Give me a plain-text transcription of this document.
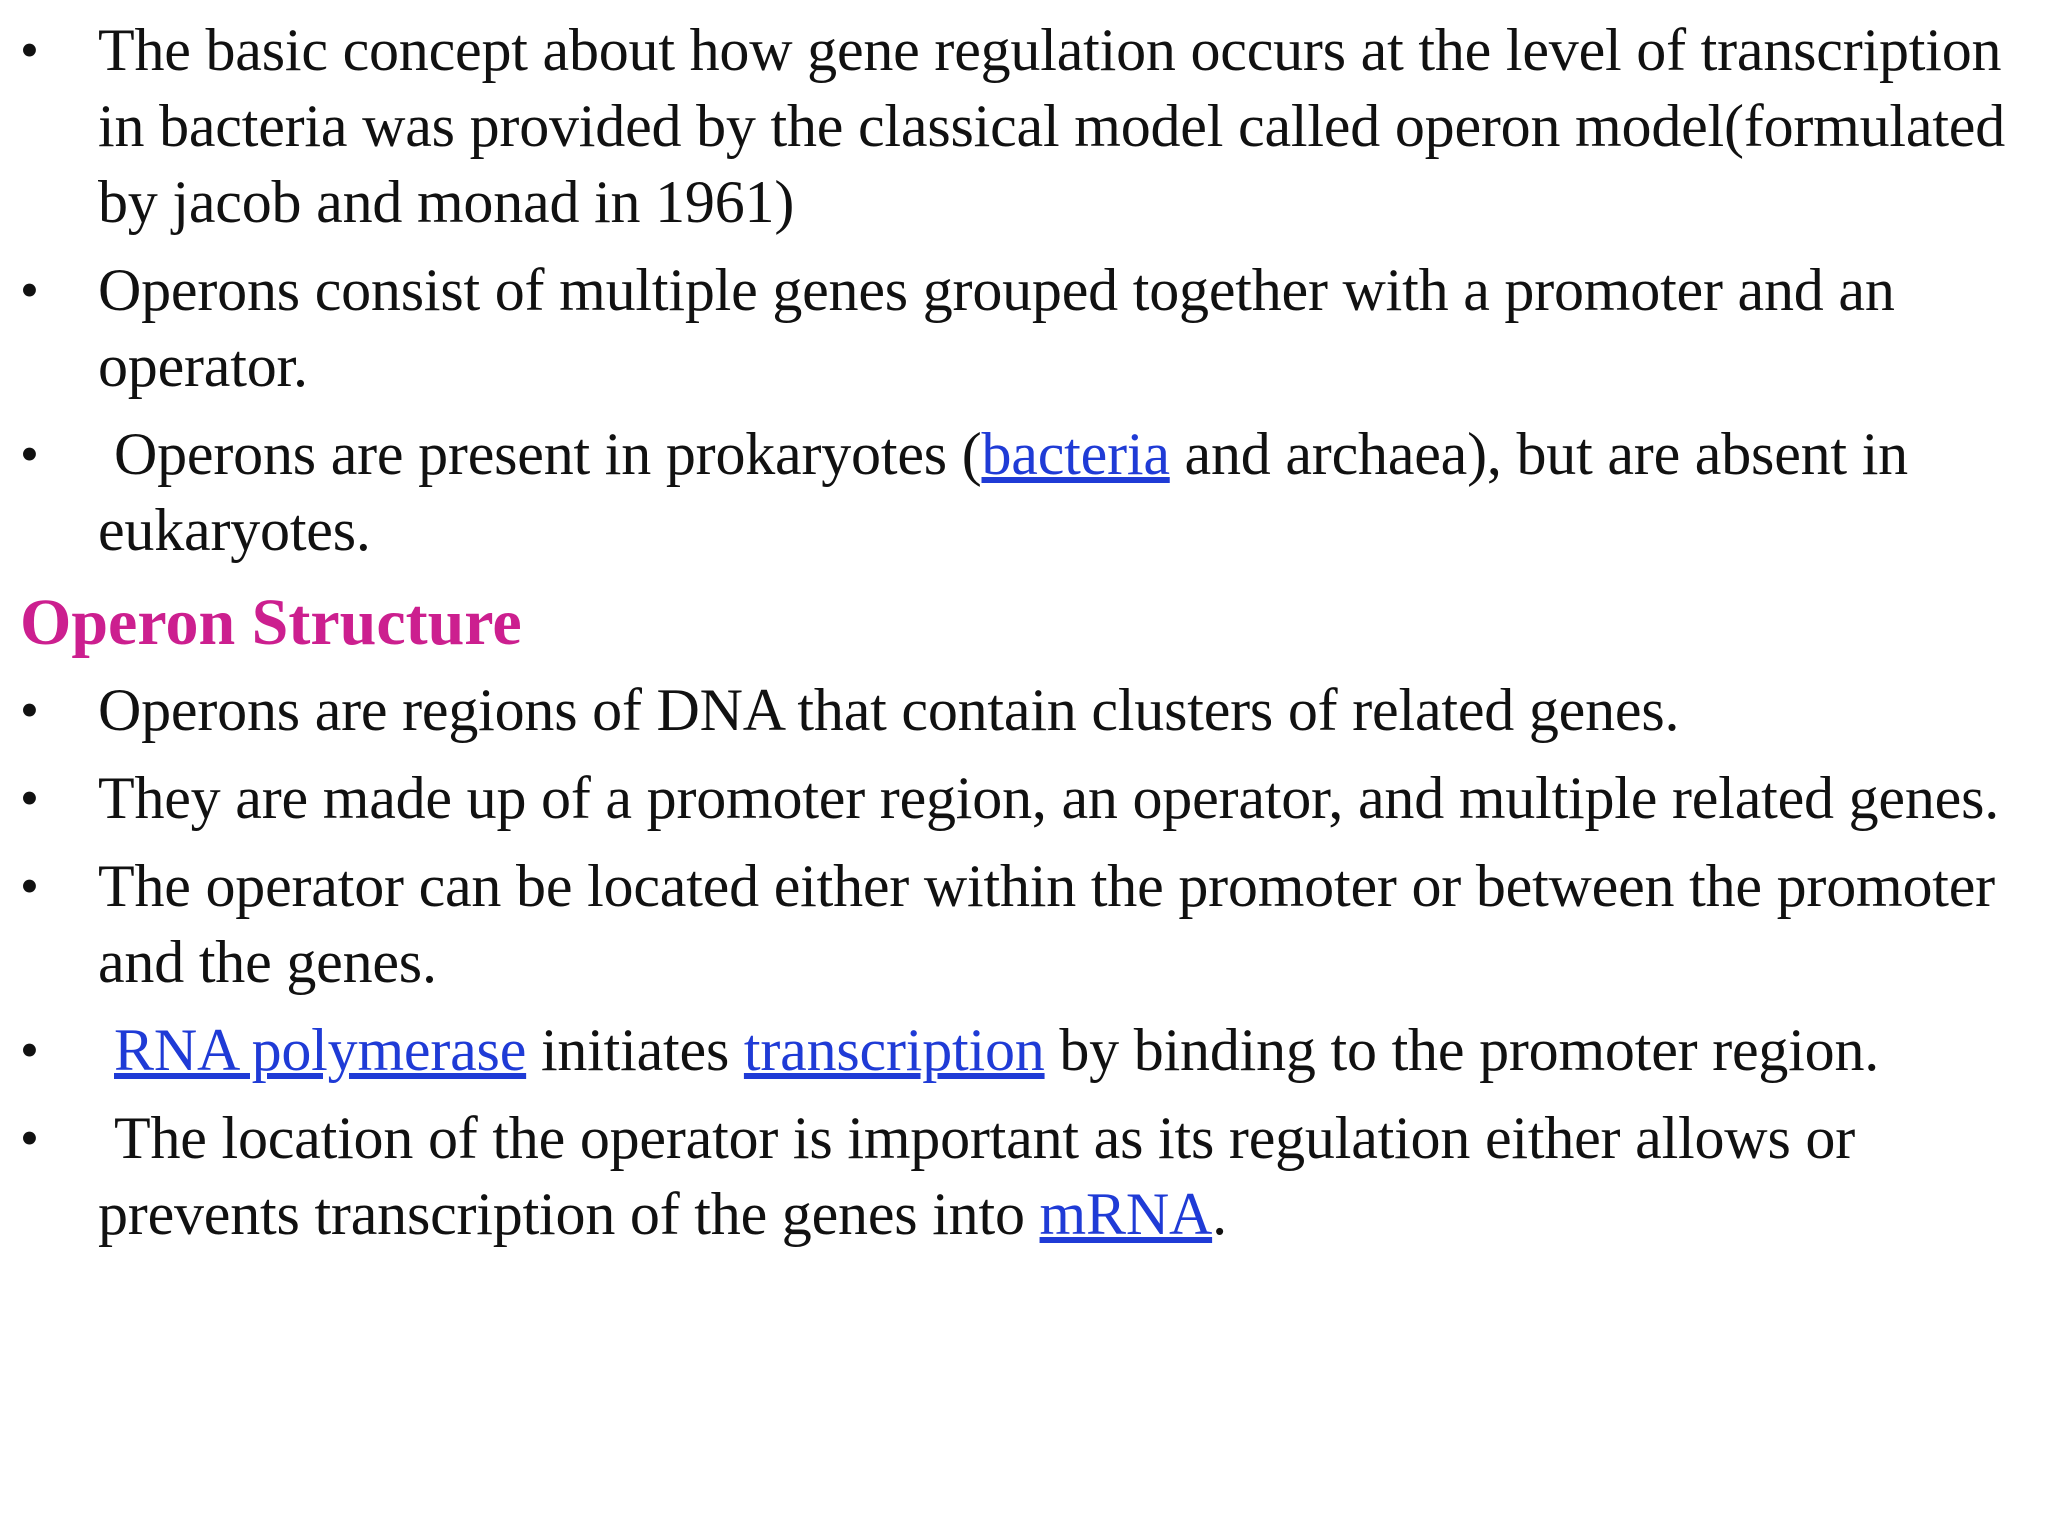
• The basic concept about how gene regulation occurs at the level of transcription in bacteria was provided by the classical model called operon model(formulated by jacob and monad in 1961)
• Operons consist of multiple genes grouped together with a promoter and an operator.
•	Operons are present in prokaryotes (bacteria and archaea), but are absent in eukaryotes.
Operon Structure
• Operons are regions of DNA that contain clusters of related genes.
• They are made up of a promoter region, an operator, and multiple related genes.
• The operator can be located either within the promoter or between the promoter and the genes.
•	RNA polymerase initiates transcription by binding to the promoter region.
•	The location of the operator is important as its regulation either allows or prevents transcription of the genes into mRNA.
